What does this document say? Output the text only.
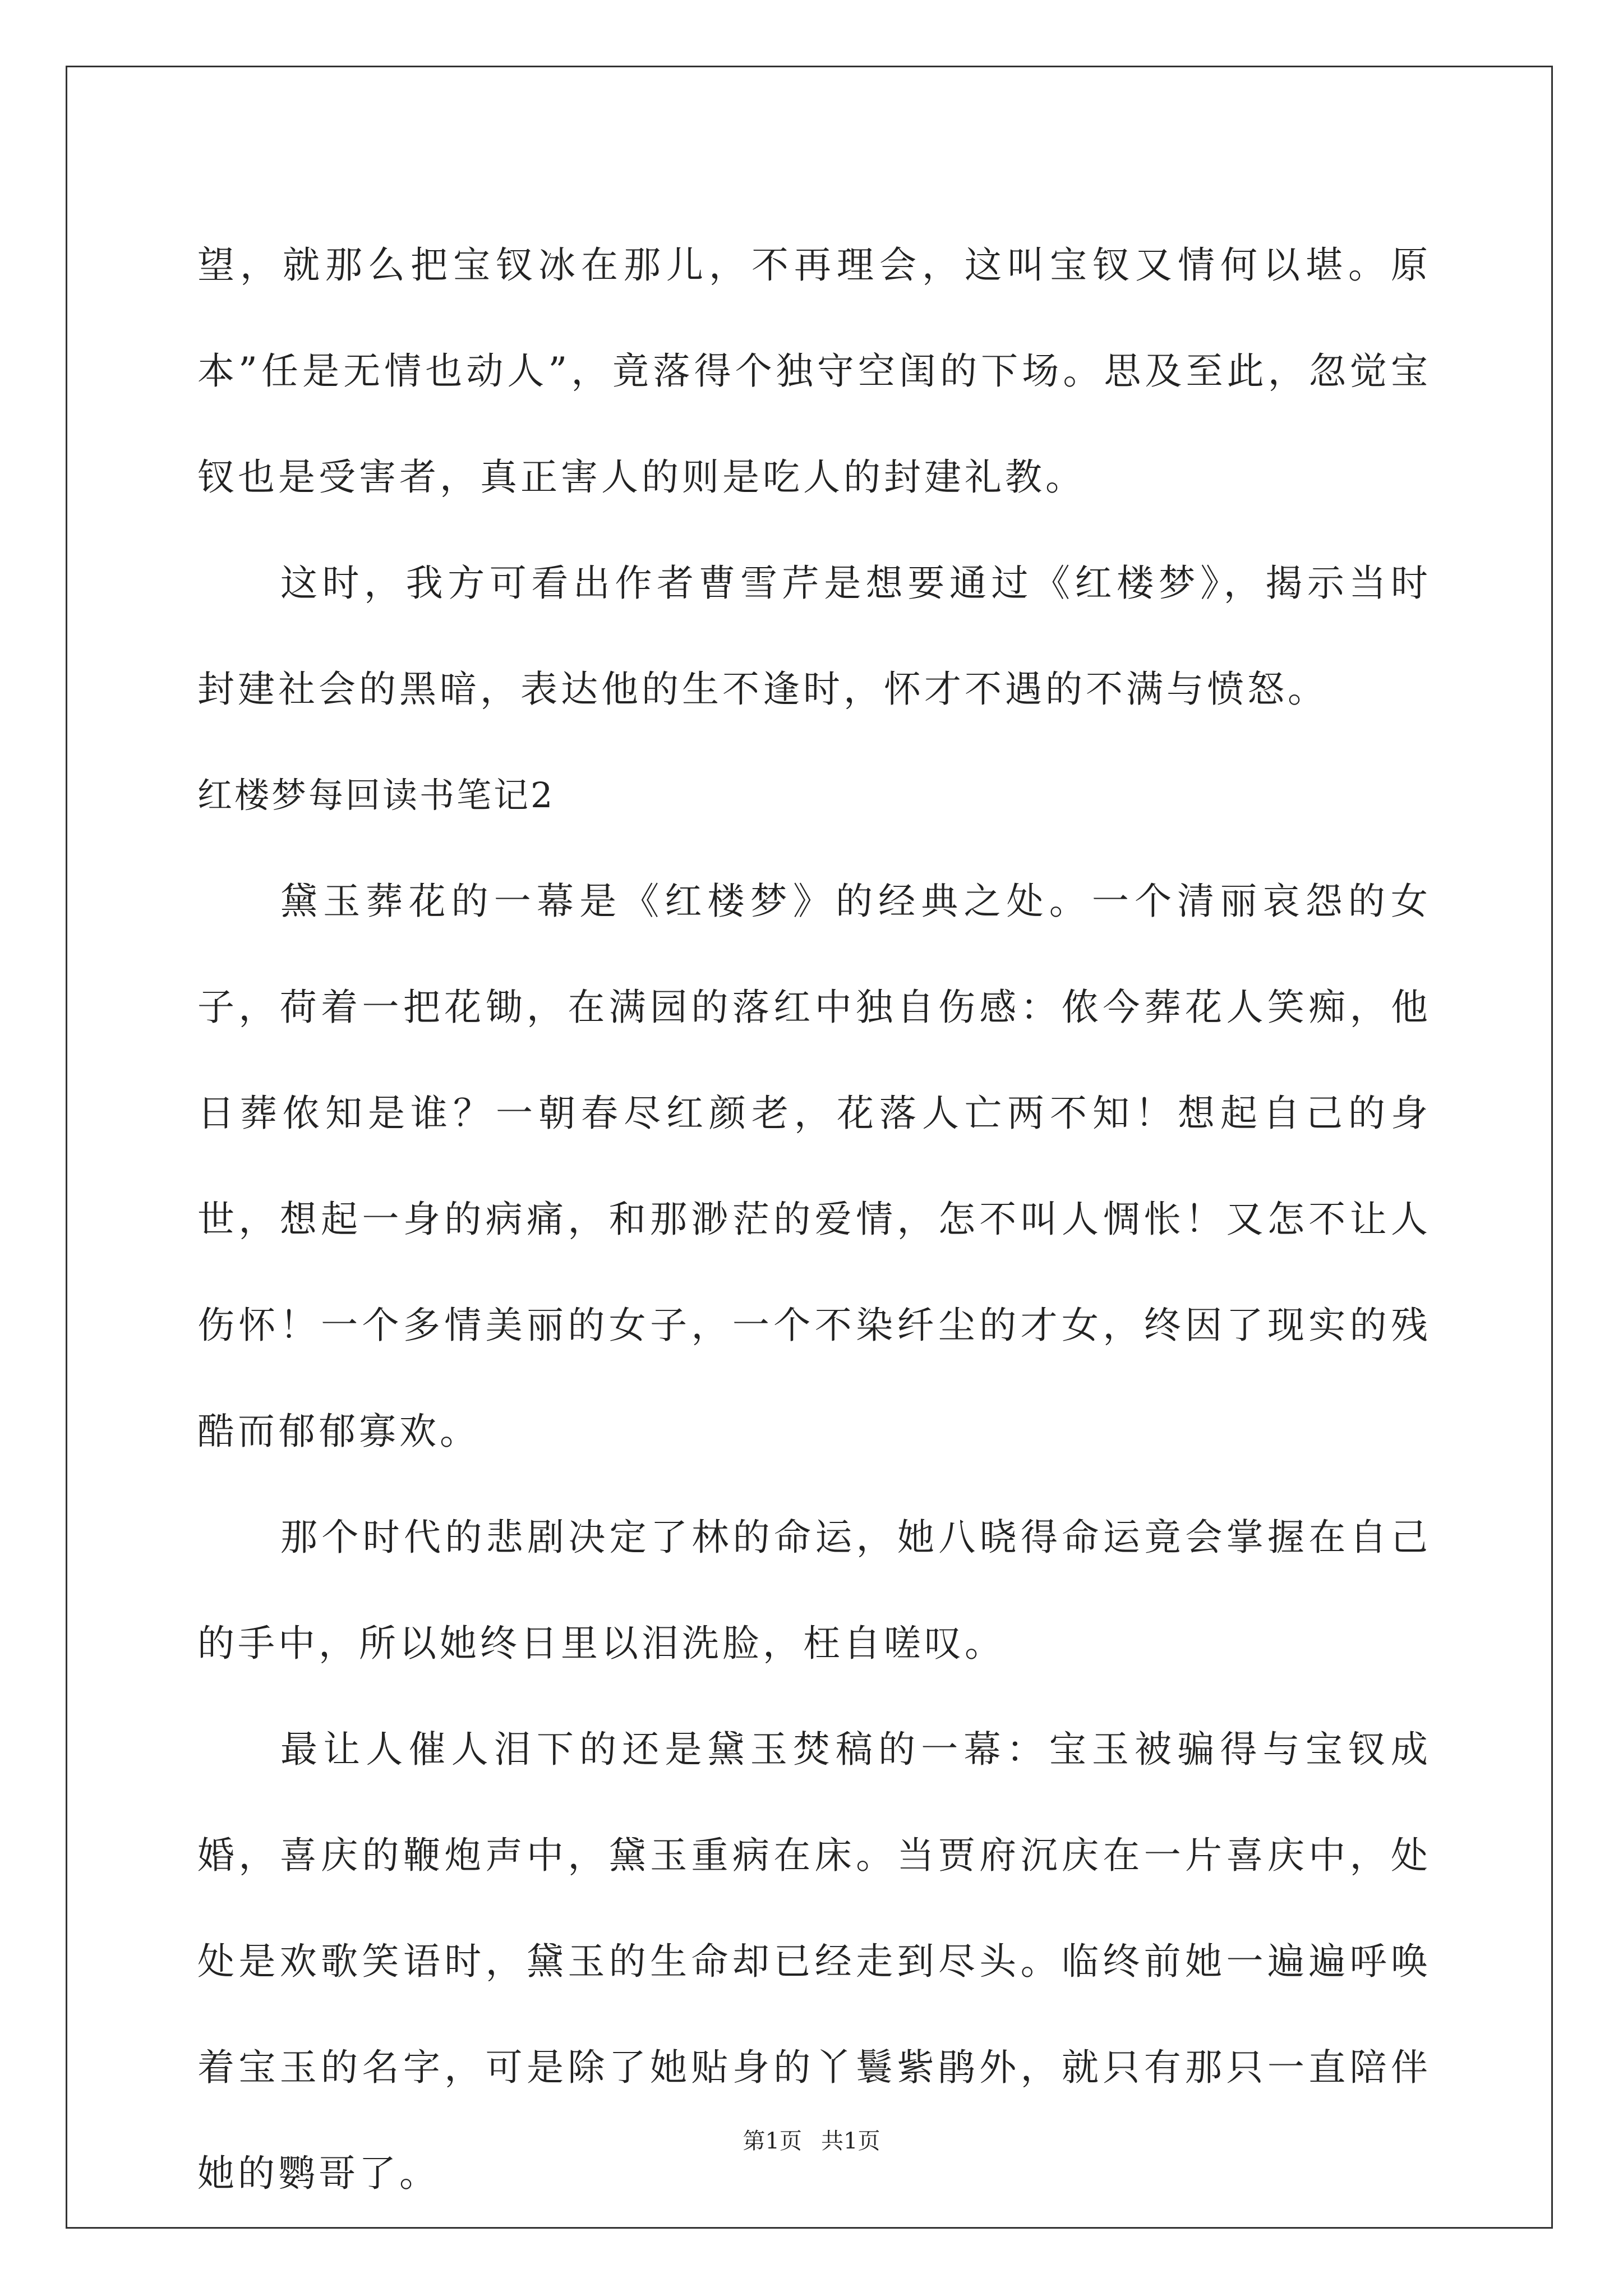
望，就那么把宝钗冰在那儿，不再理会，这叫宝钗又情何以堪。原本”任是无情也动人”，竟落得个独守空闺的下场。思及至此，忽觉宝钗也是受害者，真正害人的则是吃人的封建礼教。

这时，我方可看出作者曹雪芹是想要通过《红楼梦》，揭示当时封建社会的黑暗，表达他的生不逢时，怀才不遇的不满与愤怒。

红楼梦每回读书笔记2

黛玉葬花的一幕是《红楼梦》的经典之处。一个清丽哀怨的女子，荷着一把花锄，在满园的落红中独自伤感：侬今葬花人笑痴，他日葬侬知是谁？一朝春尽红颜老，花落人亡两不知！想起自己的身世，想起一身的病痛，和那渺茫的爱情，怎不叫人惆怅！又怎不让人伤怀！一个多情美丽的女子，一个不染纤尘的才女，终因了现实的残酷而郁郁寡欢。

那个时代的悲剧决定了林的命运，她八晓得命运竟会掌握在自己的手中，所以她终日里以泪洗脸，枉自嗟叹。

最让人催人泪下的还是黛玉焚稿的一幕：宝玉被骗得与宝钗成婚，喜庆的鞭炮声中，黛玉重病在床。当贾府沉庆在一片喜庆中，处处是欢歌笑语时，黛玉的生命却已经走到尽头。临终前她一遍遍呼唤着宝玉的名字，可是除了她贴身的丫鬟紫鹃外，就只有那只一直陪伴她的鹦哥了。

第1页 共1页
